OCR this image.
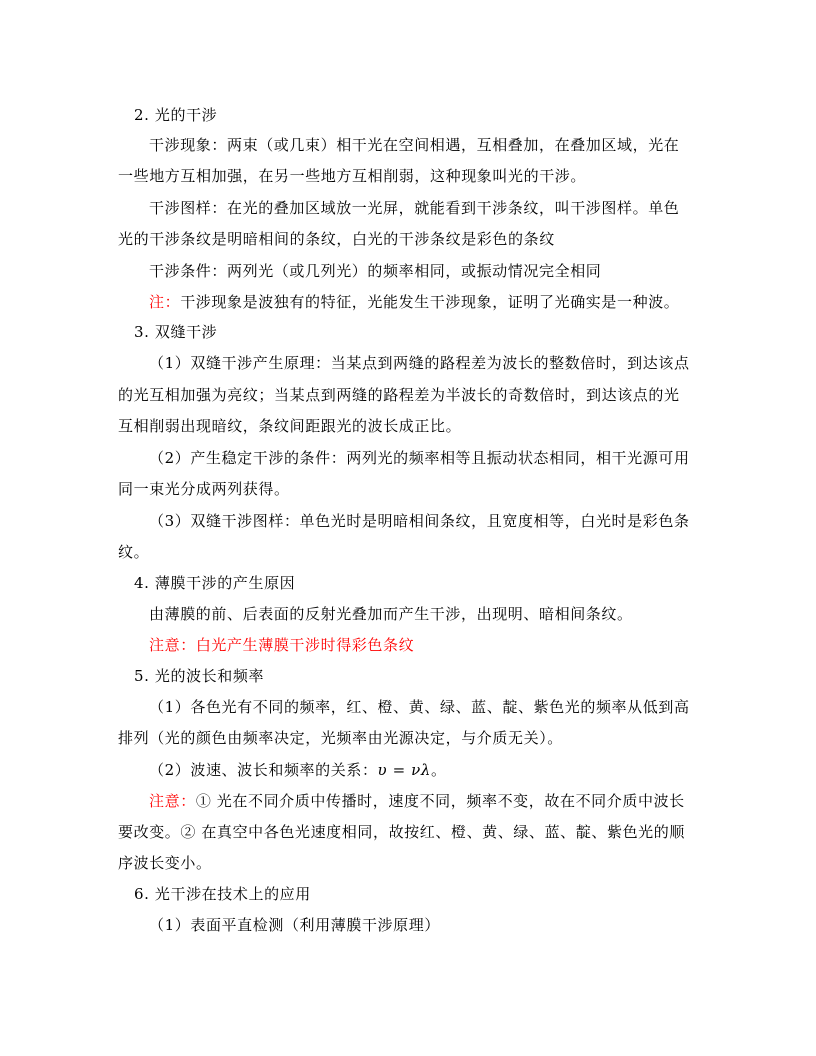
2. 光的干涉
干涉现象：两束（或几束）相干光在空间相遇，互相叠加，在叠加区域，光在
一些地方互相加强，在另一些地方互相削弱，这种现象叫光的干涉。
干涉图样：在光的叠加区域放一光屏，就能看到干涉条纹，叫干涉图样。单色
光的干涉条纹是明暗相间的条纹，白光的干涉条纹是彩色的条纹
干涉条件：两列光（或几列光）的频率相同，或振动情况完全相同
注：干涉现象是波独有的特征，光能发生干涉现象，证明了光确实是一种波。
3. 双缝干涉
（1）双缝干涉产生原理：当某点到两缝的路程差为波长的整数倍时，到达该点
的光互相加强为亮纹；当某点到两缝的路程差为半波长的奇数倍时，到达该点的光
互相削弱出现暗纹，条纹间距跟光的波长成正比。
（2）产生稳定干涉的条件：两列光的频率相等且振动状态相同，相干光源可用
同一束光分成两列获得。
（3）双缝干涉图样：单色光时是明暗相间条纹，且宽度相等，白光时是彩色条
纹。
4. 薄膜干涉的产生原因
由薄膜的前、后表面的反射光叠加而产生干涉，出现明、暗相间条纹。
注意：白光产生薄膜干涉时得彩色条纹
5. 光的波长和频率
（1）各色光有不同的频率，红、橙、黄、绿、蓝、靛、紫色光的频率从低到高
排列（光的颜色由频率决定，光频率由光源决定，与介质无关）。
（2）波速、波长和频率的关系：υ = νλ。
注意：① 光在不同介质中传播时，速度不同，频率不变，故在不同介质中波长
要改变。② 在真空中各色光速度相同，故按红、橙、黄、绿、蓝、靛、紫色光的顺
序波长变小。
6. 光干涉在技术上的应用
（1）表面平直检测（利用薄膜干涉原理）
